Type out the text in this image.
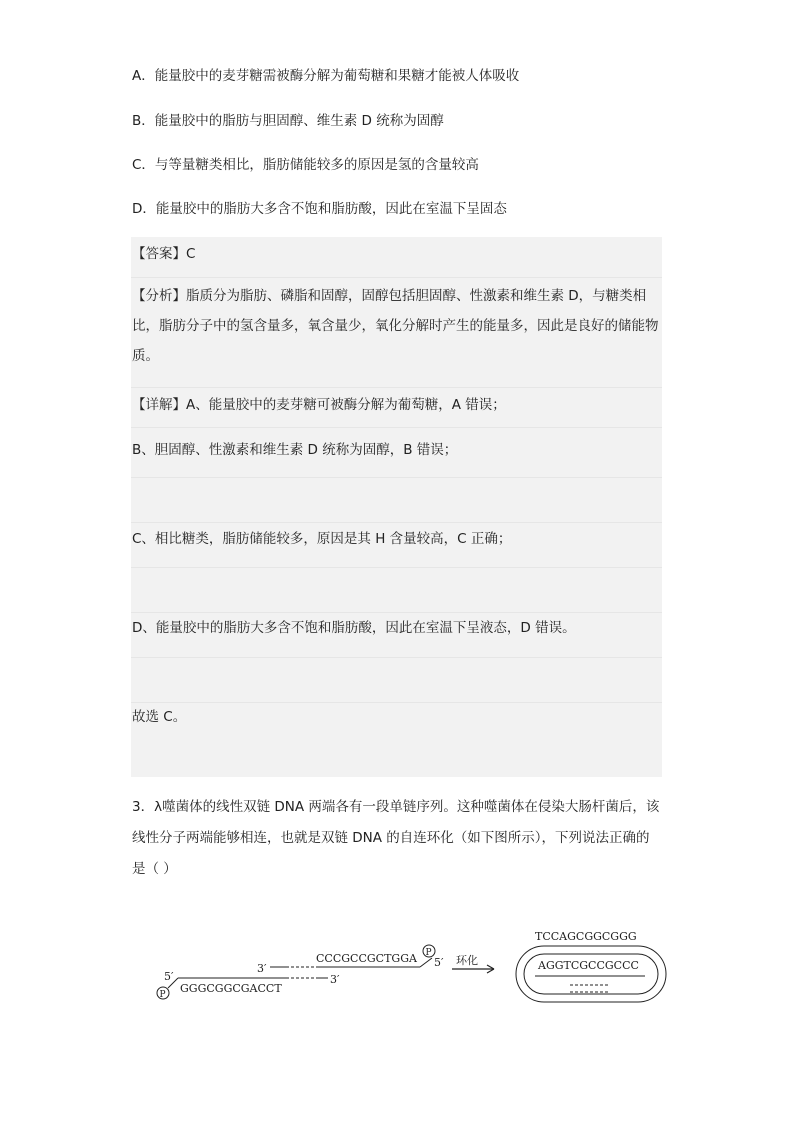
A．能量胶中的麦芽糖需被酶分解为葡萄糖和果糖才能被人体吸收
B．能量胶中的脂肪与胆固醇、维生素 D 统称为固醇
C．与等量糖类相比，脂肪储能较多的原因是氢的含量较高
D．能量胶中的脂肪大多含不饱和脂肪酸，因此在室温下呈固态
【答案】C
【分析】脂质分为脂肪、磷脂和固醇，固醇包括胆固醇、性激素和维生素 D，与糖类相比，脂肪分子中的氢含量多，氧含量少，氧化分解时产生的能量多，因此是良好的储能物质。
【详解】A、能量胶中的麦芽糖可被酶分解为葡萄糖，A 错误；
B、胆固醇、性激素和维生素 D 统称为固醇，B 错误；
C、相比糖类，脂肪储能较多，原因是其 H 含量较高，C 正确；
D、能量胶中的脂肪大多含不饱和脂肪酸，因此在室温下呈液态，D 错误。
故选 C。
3．λ噬菌体的线性双链 DNA 两端各有一段单链序列。这种噬菌体在侵染大肠杆菌后，该线性分子两端能够相连，也就是双链 DNA 的自连环化（如下图所示），下列说法正确的是（ ）
3′
CCCGCCGCTGGA P
5′
5′
P GGGCGGCGACCT
3′
环化
TCCAGCGGCGGG
AGGTCGCCGCCC
